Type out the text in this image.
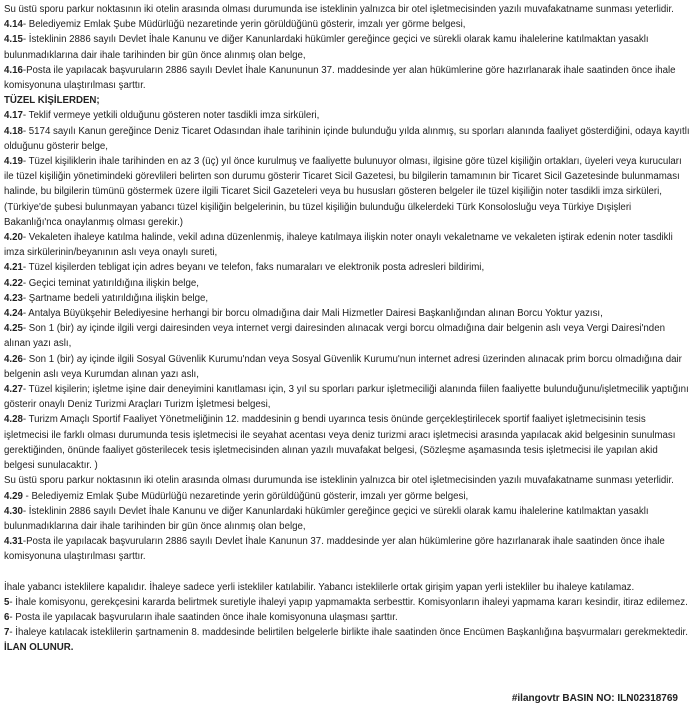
Su üstü sporu parkur noktasının iki otelin arasında olması durumunda ise isteklinin yalnızca bir otel işletmecisinden yazılı muvafakatname sunması yeterlidir.

4.14- Belediyemiz Emlak Şube Müdürlüğü nezaretinde yerin görüldüğünü gösterir, imzalı yer görme belgesi,

4.15- İsteklinin 2886 sayılı Devlet İhale Kanunu ve diğer Kanunlardaki hükümler gereğince geçici ve sürekli olarak kamu ihalelerine katılmaktan yasaklı bulunmadıklarına dair ihale tarihinden bir gün önce alınmış olan belge,

4.16-Posta ile yapılacak başvuruların 2886 sayılı Devlet İhale Kanununun 37. maddesinde yer alan hükümlerine göre hazırlanarak ihale saatinden önce ihale komisyonuna ulaştırılması şarttır.

TÜZEL KİŞİLERDEN;

4.17- Teklif vermeye yetkili olduğunu gösteren noter tasdikli imza sirküleri,

4.18- 5174 sayılı Kanun gereğince Deniz Ticaret Odasından ihale tarihinin içinde bulunduğu yılda alınmış, su sporları alanında faaliyet gösterdiğini, odaya kayıtlı olduğunu gösterir belge,

4.19- Tüzel kişiliklerin ihale tarihinden en az 3 (üç) yıl önce kurulmuş ve faaliyette bulunuyor olması, ilgisine göre tüzel kişiliğin ortakları, üyeleri veya kurucuları ile tüzel kişiliğin yönetimindeki görevlileri belirten son durumu gösterir Ticaret Sicil Gazetesi, bu bilgilerin tamamının bir Ticaret Sicil Gazetesinde bulunmaması halinde, bu bilgilerin tümünü göstermek üzere ilgili Ticaret Sicil Gazeteleri veya bu hususları gösteren belgeler ile tüzel kişiliğin noter tasdikli imza sirküleri, (Türkiye'de şubesi bulunmayan yabancı tüzel kişiliğin belgelerinin, bu tüzel kişiliğin bulunduğu ülkelerdeki Türk Konsolosluğu veya Türkiye Dışişleri Bakanlığı'nca onaylanmış olması gerekir.)

4.20- Vekaleten ihaleye katılma halinde, vekil adına düzenlenmiş, ihaleye katılmaya ilişkin noter onaylı vekaletname ve vekaleten iştirak edenin noter tasdikli imza sirkülerinin/beyanının aslı veya onaylı sureti,

4.21- Tüzel kişilerden tebligat için adres beyanı ve telefon, faks numaraları ve elektronik posta adresleri bildirimi,

4.22- Geçici teminat yatırıldığına ilişkin belge,

4.23- Şartname bedeli yatırıldığına ilişkin belge,

4.24- Antalya Büyükşehir Belediyesine herhangi bir borcu olmadığına dair Mali Hizmetler Dairesi Başkanlığından alınan Borcu Yoktur yazısı,

4.25- Son 1 (bir) ay içinde ilgili vergi dairesinden veya internet vergi dairesinden alınacak vergi borcu olmadığına dair belgenin aslı veya Vergi Dairesi'nden alınan yazı aslı,

4.26- Son 1 (bir) ay içinde ilgili Sosyal Güvenlik Kurumu'ndan veya Sosyal Güvenlik Kurumu'nun internet adresi üzerinden alınacak prim borcu olmadığına dair belgenin aslı veya Kurumdan alınan yazı aslı,

4.27- Tüzel kişilerin; işletme işine dair deneyimini kanıtlaması için, 3 yıl su sporları parkur işletmeciliği alanında fiilen faaliyette bulunduğunu/işletmecilik yaptığını gösterir onaylı Deniz Turizmi Araçları Turizm İşletmesi belgesi,

4.28- Turizm Amaçlı Sportif Faaliyet Yönetmeliğinin 12. maddesinin g bendi uyarınca tesis önünde gerçekleştirilecek sportif faaliyet işletmecisinin tesis işletmecisi ile farklı olması durumunda tesis işletmecisi ile seyahat acentası veya deniz turizmi aracı işletmecisi arasında yapılacak akid belgesinin sunulması gerektiğinden, önünde faaliyet gösterilecek tesis işletmecisinden alınan yazılı muvafakat belgesi, (Sözleşme aşamasında tesis işletmecisi ile yapılan akid belgesi sunulacaktır. )

Su üstü sporu parkur noktasının iki otelin arasında olması durumunda ise isteklinin yalnızca bir otel işletmecisinden yazılı muvafakatname sunması yeterlidir.

4.29 - Belediyemiz Emlak Şube Müdürlüğü nezaretinde yerin görüldüğünü gösterir, imzalı yer görme belgesi,

4.30- İsteklinin 2886 sayılı Devlet İhale Kanunu ve diğer Kanunlardaki hükümler gereğince geçici ve sürekli olarak kamu ihalelerine katılmaktan yasaklı bulunmadıklarına dair ihale tarihinden bir gün önce alınmış olan belge,

4.31-Posta ile yapılacak başvuruların 2886 sayılı Devlet İhale Kanunun 37. maddesinde yer alan hükümlerine göre hazırlanarak ihale saatinden önce ihale komisyonuna ulaştırılması şarttır.

İhale yabancı isteklilere kapalıdır. İhaleye sadece yerli istekliler katılabilir. Yabancı isteklilerle ortak girişim yapan yerli istekliler bu ihaleye katılamaz.

5- İhale komisyonu, gerekçesini kararda belirtmek suretiyle ihaleyi yapıp yapmamakta serbesttir. Komisyonların ihaleyi yapmama kararı kesindir, itiraz edilemez.

6- Posta ile yapılacak başvuruların ihale saatinden önce ihale komisyonuna ulaşması şarttır.

7- İhaleye katılacak isteklilerin şartnamenin 8. maddesinde belirtilen belgelerle birlikte ihale saatinden önce Encümen Başkanlığına başvurmaları gerekmektedir.

İLAN OLUNUR.

#ilangovtr BASIN NO: ILN02318769
